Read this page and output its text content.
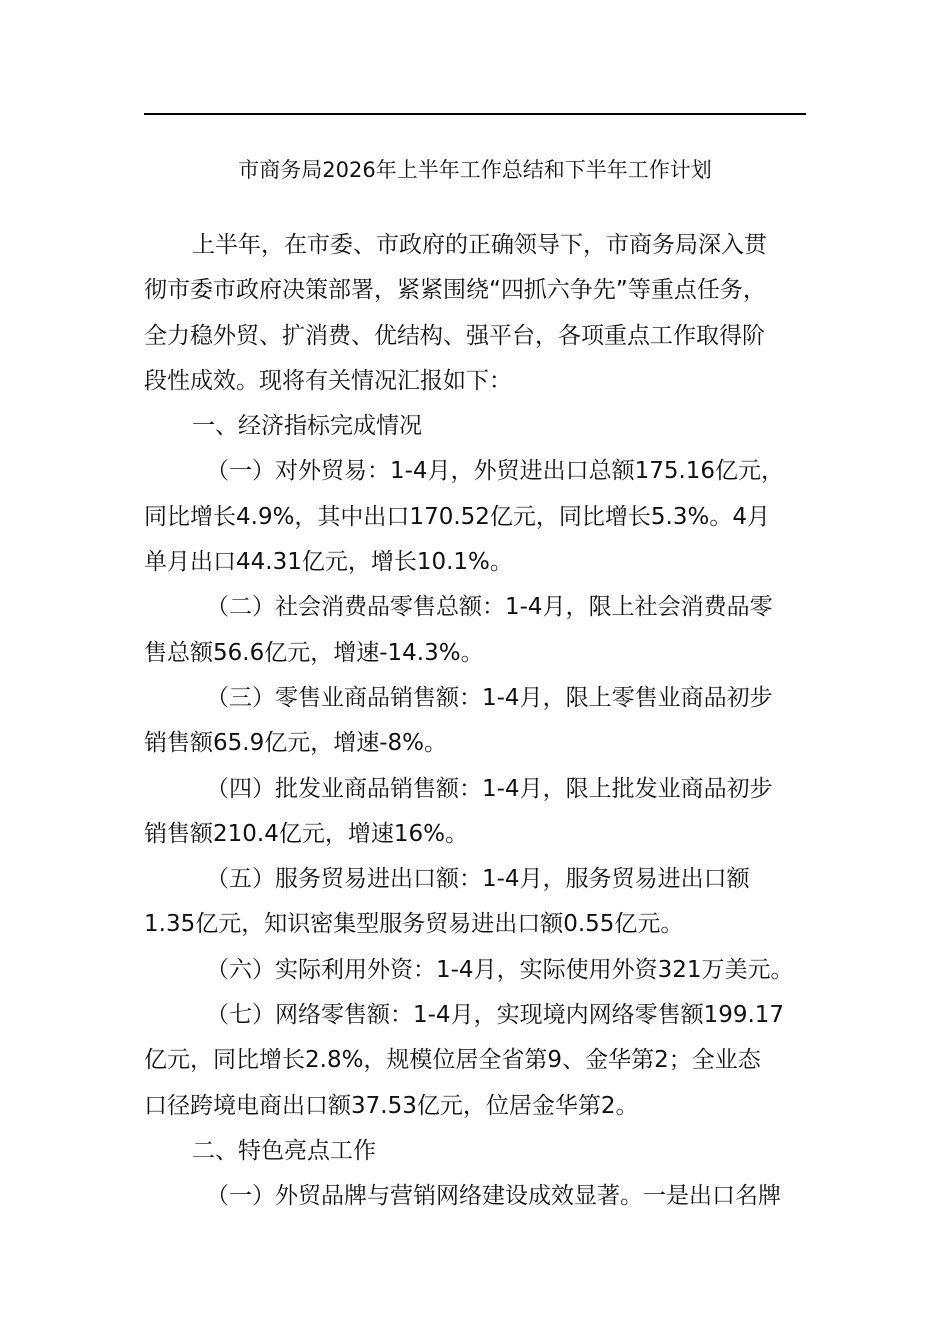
市商务局2026年上半年工作总结和下半年工作计划
上半年，在市委、市政府的正确领导下，市商务局深入贯
彻市委市政府决策部署，紧紧围绕“四抓六争先”等重点任务，
全力稳外贸、扩消费、优结构、强平台，各项重点工作取得阶
段性成效。现将有关情况汇报如下：
一、经济指标完成情况
（一）对外贸易：1-4月，外贸进出口总额175.16亿元，
同比增长4.9%，其中出口170.52亿元，同比增长5.3%。4月
单月出口44.31亿元，增长10.1%。
（二）社会消费品零售总额：1-4月，限上社会消费品零
售总额56.6亿元，增速-14.3%。
（三）零售业商品销售额：1-4月，限上零售业商品初步
销售额65.9亿元，增速-8%。
（四）批发业商品销售额：1-4月，限上批发业商品初步
销售额210.4亿元，增速16%。
（五）服务贸易进出口额：1-4月，服务贸易进出口额
1.35亿元，知识密集型服务贸易进出口额0.55亿元。
（六）实际利用外资：1-4月，实际使用外资321万美元。
（七）网络零售额：1-4月，实现境内网络零售额199.17
亿元，同比增长2.8%，规模位居全省第9、金华第2；全业态
口径跨境电商出口额37.53亿元，位居金华第2。
二、特色亮点工作
（一）外贸品牌与营销网络建设成效显著。一是出口名牌
